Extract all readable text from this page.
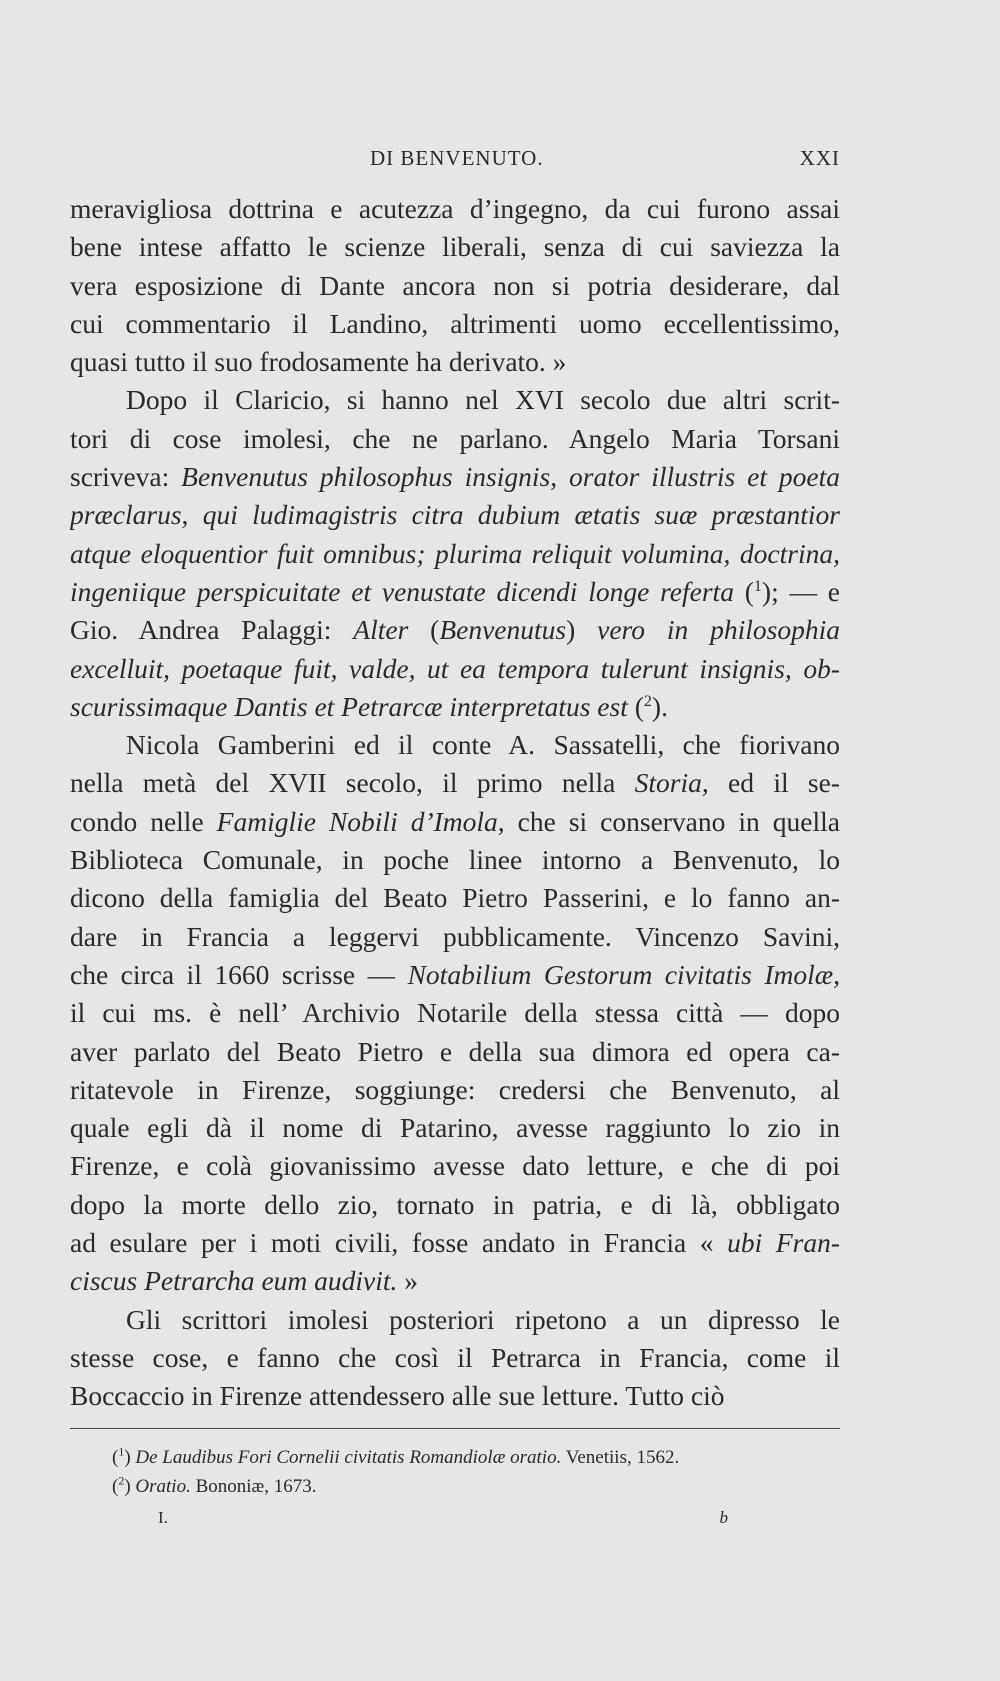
DI BENVENUTO.	XXI
meravigliosa dottrina e acutezza d’ingegno, da cui furono assai
bene intese affatto le scienze liberali, senza di cui saviezza la
vera esposizione di Dante ancora non si potria desiderare, dal
cui commentario il Landino, altrimenti uomo eccellentissimo,
quasi tutto il suo frodosamente ha derivato. »
Dopo il Claricio, si hanno nel XVI secolo due altri scrit-
tori di cose imolesi, che ne parlano. Angelo Maria Torsani
scriveva: Benvenutus philosophus insignis, orator illustris et poeta
præclarus, qui ludimagistris citra dubium ætatis suæ præstantior
atque eloquentior fuit omnibus; plurima reliquit volumina, doctrina,
ingeniique perspicuitate et venustate dicendi longe referta ($^1$); — e
Gio. Andrea Palaggi: Alter (Benvenutus) vero in philosophia
excelluit, poetaque fuit, valde, ut ea tempora tulerunt insignis, ob-
scurissimaque Dantis et Petrarcæ interpretatus est ($^2$).
Nicola Gamberini ed il conte A. Sassatelli, che fiorivano
nella metà del XVII secolo, il primo nella Storia, ed il se-
condo nelle Famiglie Nobili d’Imola, che si conservano in quella
Biblioteca Comunale, in poche linee intorno a Benvenuto, lo
dicono della famiglia del Beato Pietro Passerini, e lo fanno an-
dare in Francia a leggervi pubblicamente. Vincenzo Savini,
che circa il 1660 scrisse — Notabilium Gestorum civitatis Imolæ,
il cui ms. è nell’ Archivio Notarile della stessa città — dopo
aver parlato del Beato Pietro e della sua dimora ed opera ca-
ritatevole in Firenze, soggiunge: credersi che Benvenuto, al
quale egli dà il nome di Patarino, avesse raggiunto lo zio in
Firenze, e colà giovanissimo avesse dato letture, e che di poi
dopo la morte dello zio, tornato in patria, e di là, obbligato
ad esulare per i moti civili, fosse andato in Francia « ubi Fran-
ciscus Petrarcha eum audivit. »
Gli scrittori imolesi posteriori ripetono a un dipresso le
stesse cose, e fanno che così il Petrarca in Francia, come il
Boccaccio in Firenze attendessero alle sue letture. Tutto ciò
($^1$) De Laudibus Fori Cornelii civitatis Romandiolæ oratio. Venetiis, 1562.
($^2$) Oratio. Bononiæ, 1673.
I.	b
